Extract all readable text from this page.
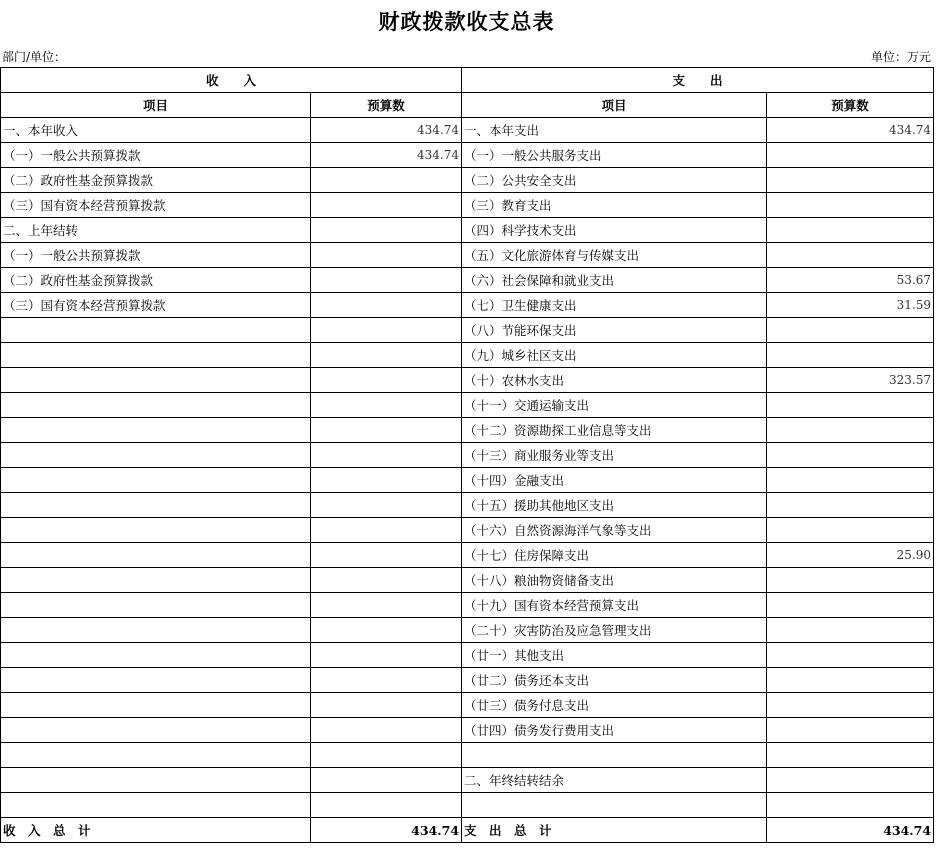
财政拨款收支总表
部门/单位：	单位：万元
收　　入		支　　出	
项目	预算数	项目	预算数
一、本年收入	434.74	一、本年支出	434.74
（一）一般公共预算拨款	434.74	（一）一般公共服务支出	
（二）政府性基金预算拨款		（二）公共安全支出	
（三）国有资本经营预算拨款		（三）教育支出	
二、上年结转		（四）科学技术支出	
（一）一般公共预算拨款		（五）文化旅游体育与传媒支出	
（二）政府性基金预算拨款		（六）社会保障和就业支出	53.67
（三）国有资本经营预算拨款		（七）卫生健康支出	31.59
		（八）节能环保支出	
		（九）城乡社区支出	
		（十）农林水支出	323.57
		（十一）交通运输支出	
		（十二）资源勘探工业信息等支出	
		（十三）商业服务业等支出	
		（十四）金融支出	
		（十五）援助其他地区支出	
		（十六）自然资源海洋气象等支出	
		（十七）住房保障支出	25.90
		（十八）粮油物资储备支出	
		（十九）国有资本经营预算支出	
		（二十）灾害防治及应急管理支出	
		（廿一）其他支出	
		（廿二）债务还本支出	
		（廿三）债务付息支出	
		（廿四）债务发行费用支出	

		二、年终结转结余	

收　入　总　计	434.74	支　出　总　计	434.74
